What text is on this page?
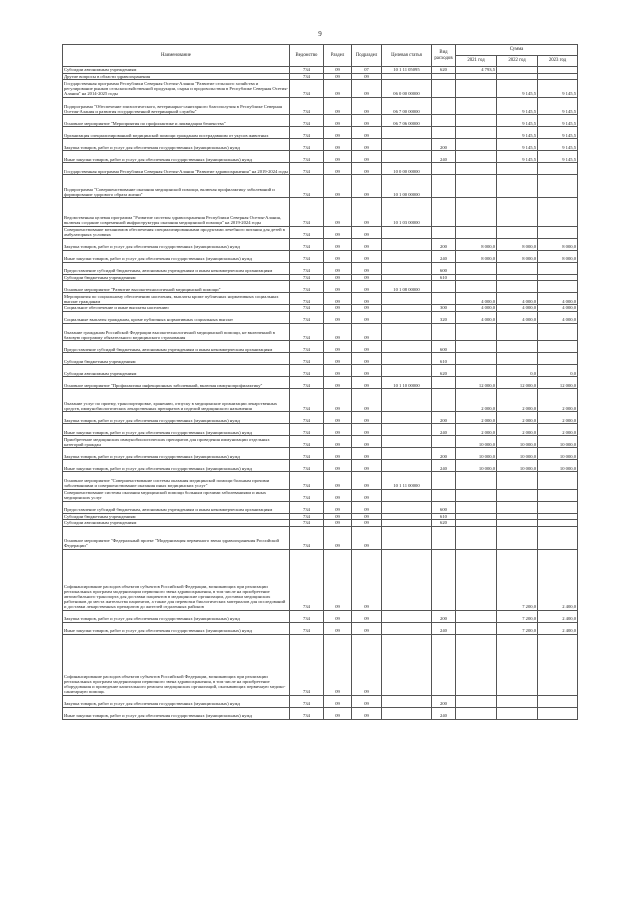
9
Наименование	Ведомство	Раздел	Подраздел	Целевая статья	Вид расходов	Сумма		
						2021 год	2022 год	2023 год
Субсидии автономным учреждениям	734	09	07	10 1 11 05095	620	4 793,5		
Другие вопросы в области здравоохранения	734	09	09					
Государственная программа Республики Северная Осетия-Алания "Развитие сельского хозяйства и регулирование рынков сельскохозяйственной продукции, сырья и продовольствия в Республике Северная Осетия-Алания" на 2014-2025 годы	734	09	09	06 0 00 00000			9 145,5	9 145,5
Подпрограмма "Обеспечение эпизоотического, ветеринарно-санитарного благополучия в Республике Северная Осетия-Алания и развития государственной ветеринарной службы"	734	09	09	06 7 00 00000			9 145,5	9 145,5
Основное мероприятие "Мероприятия по профилактике и ликвидации бешенства"	734	09	09	06 7 06 00000			9 145,5	9 145,5
Организация специализированной медицинской помощи гражданам пострадавшим от укусов животных	734	09	09				9 145,5	9 145,5
Закупка товаров, работ и услуг для обеспечения государственных (муниципальных) нужд	734	09	09		200		9 145,5	9 145,5
Иные закупки товаров, работ и услуг для обеспечения государственных (муниципальных) нужд	734	09	09		240		9 145,5	9 145,5
Государственная программа Республики Северная Осетия-Алания "Развитие здравоохранения" на 2019-2024 годы	734	09	09	10 0 00 00000				
Подпрограмма "Совершенствование оказания медицинской помощи, включая профилактику заболеваний и формирование здорового образа жизни"	734	09	09	10 1 00 00000				
Ведомственная целевая программа "Развитие системы здравоохранения Республики Северная Осетия-Алания, включая создание современной инфраструктуры оказания медицинской помощи" на 2019-2024 годы	734	09	09	10 1 03 00000				
Совершенствование механизмов обеспечения специализированными продуктами лечебного питания для детей в амбулаторных условиях	734	09	09					
Закупка товаров, работ и услуг для обеспечения государственных (муниципальных) нужд	734	09	09		200	8 000,0	8 000,0	8 000,0
Иные закупки товаров, работ и услуг для обеспечения государственных (муниципальных) нужд	734	09	09		240	8 000,0	8 000,0	8 000,0
Предоставление субсидий бюджетным, автономным учреждениям и иным некоммерческим организациям	734	09	09		600			
Субсидии бюджетным учреждениям	734	09	09		610			
Основное мероприятие "Развитие высокотехнологичной медицинской помощи"	734	09	09	10 1 08 00000				
Мероприятия по социальному обеспечению населения, выплаты кроме публичных нормативных социальных выплат гражданам	734	09	09			4 000,0	4 000,0	4 000,0
Социальное обеспечение и иные выплаты населению	734	09	09		300	4 000,0	4 000,0	4 000,0
Социальные выплаты гражданам, кроме публичных нормативных социальных выплат	734	09	09		320	4 000,0	4 000,0	4 000,0
Оказание гражданам Российской Федерации высокотехнологичной медицинской помощи, не включенной в базовую программу обязательного медицинского страхования	734	09	09					
Предоставление субсидий бюджетным, автономным учреждениям и иным некоммерческим организациям	734	09	09		600			
Субсидии бюджетным учреждениям	734	09	09		610			
Субсидии автономным учреждениям	734	09	09		620		0,0	0,0
Основное мероприятие "Профилактика инфекционных заболеваний, включая иммунопрофилактику"	734	09	09	10 1 10 00000		12 000,0	12 000,0	12 000,0
Оказание услуг по приему, транспортировке, хранению, отпуску в медицинские организации лекарственных средств, иммунобиологических лекарственных препаратов и изделий медицинского назначения	734	09	09			2 000,0	2 000,0	2 000,0
Закупка товаров, работ и услуг для обеспечения государственных (муниципальных) нужд	734	09	09		200	2 000,0	2 000,0	2 000,0
Иные закупки товаров, работ и услуг для обеспечения государственных (муниципальных) нужд	734	09	09		240	2 000,0	2 000,0	2 000,0
Приобретение медицинских иммунобиологических препаратов для проведения иммунизации отдельных категорий граждан	734	09	09			10 000,0	10 000,0	10 000,0
Закупка товаров, работ и услуг для обеспечения государственных (муниципальных) нужд	734	09	09		200	10 000,0	10 000,0	10 000,0
Иные закупки товаров, работ и услуг для обеспечения государственных (муниципальных) нужд	734	09	09		240	10 000,0	10 000,0	10 000,0
Основное мероприятие "Совершенствование системы оказания медицинской помощи больным прочими заболеваниями и совершенствование оказания иных медицинских услуг"	734	09	09	10 1 11 00000				
Совершенствование системы оказания медицинской помощи больным прочими заболеваниями и иных медицинских услуг	734	09	09					
Предоставление субсидий бюджетным, автономным учреждениям и иным некоммерческим организациям	734	09	09		600			
Субсидии бюджетным учреждениям	734	09	09		610			
Субсидии автономным учреждениям	734	09	09		620			
Основное мероприятие "Федеральный проект "Модернизация первичного звена здравоохранения Российской Федерации"	734	09	09					
Софинансирование расходов объектов субъектов Российской Федерации, возникающих при реализации региональных программ модернизации первичного звена здравоохранения, в том числе на приобретение автомобильного транспорта для доставки пациентов в медицинские организации, доставки медицинских работников до места жительства пациентов, а также для перевозки биологических материалов для исследований и доставки лекарственных препаратов до жителей отдаленных районов	734	09	09				7 200,0	2 400,0
Закупка товаров, работ и услуг для обеспечения государственных (муниципальных) нужд	734	09	09		200		7 200,0	2 400,0
Иные закупки товаров, работ и услуг для обеспечения государственных (муниципальных) нужд	734	09	09		240		7 200,0	2 400,0
Софинансирование расходов объектов субъектов Российской Федерации, возникающих при реализации региональных программ модернизации первичного звена здравоохранения, в том числе на приобретение оборудования и проведение капитального ремонта медицинских организаций, оказывающих первичную медико-санитарную помощь	734	09	09					
Закупка товаров, работ и услуг для обеспечения государственных (муниципальных) нужд	734	09	09		200			
Иные закупки товаров, работ и услуг для обеспечения государственных (муниципальных) нужд	734	09	09		240			
